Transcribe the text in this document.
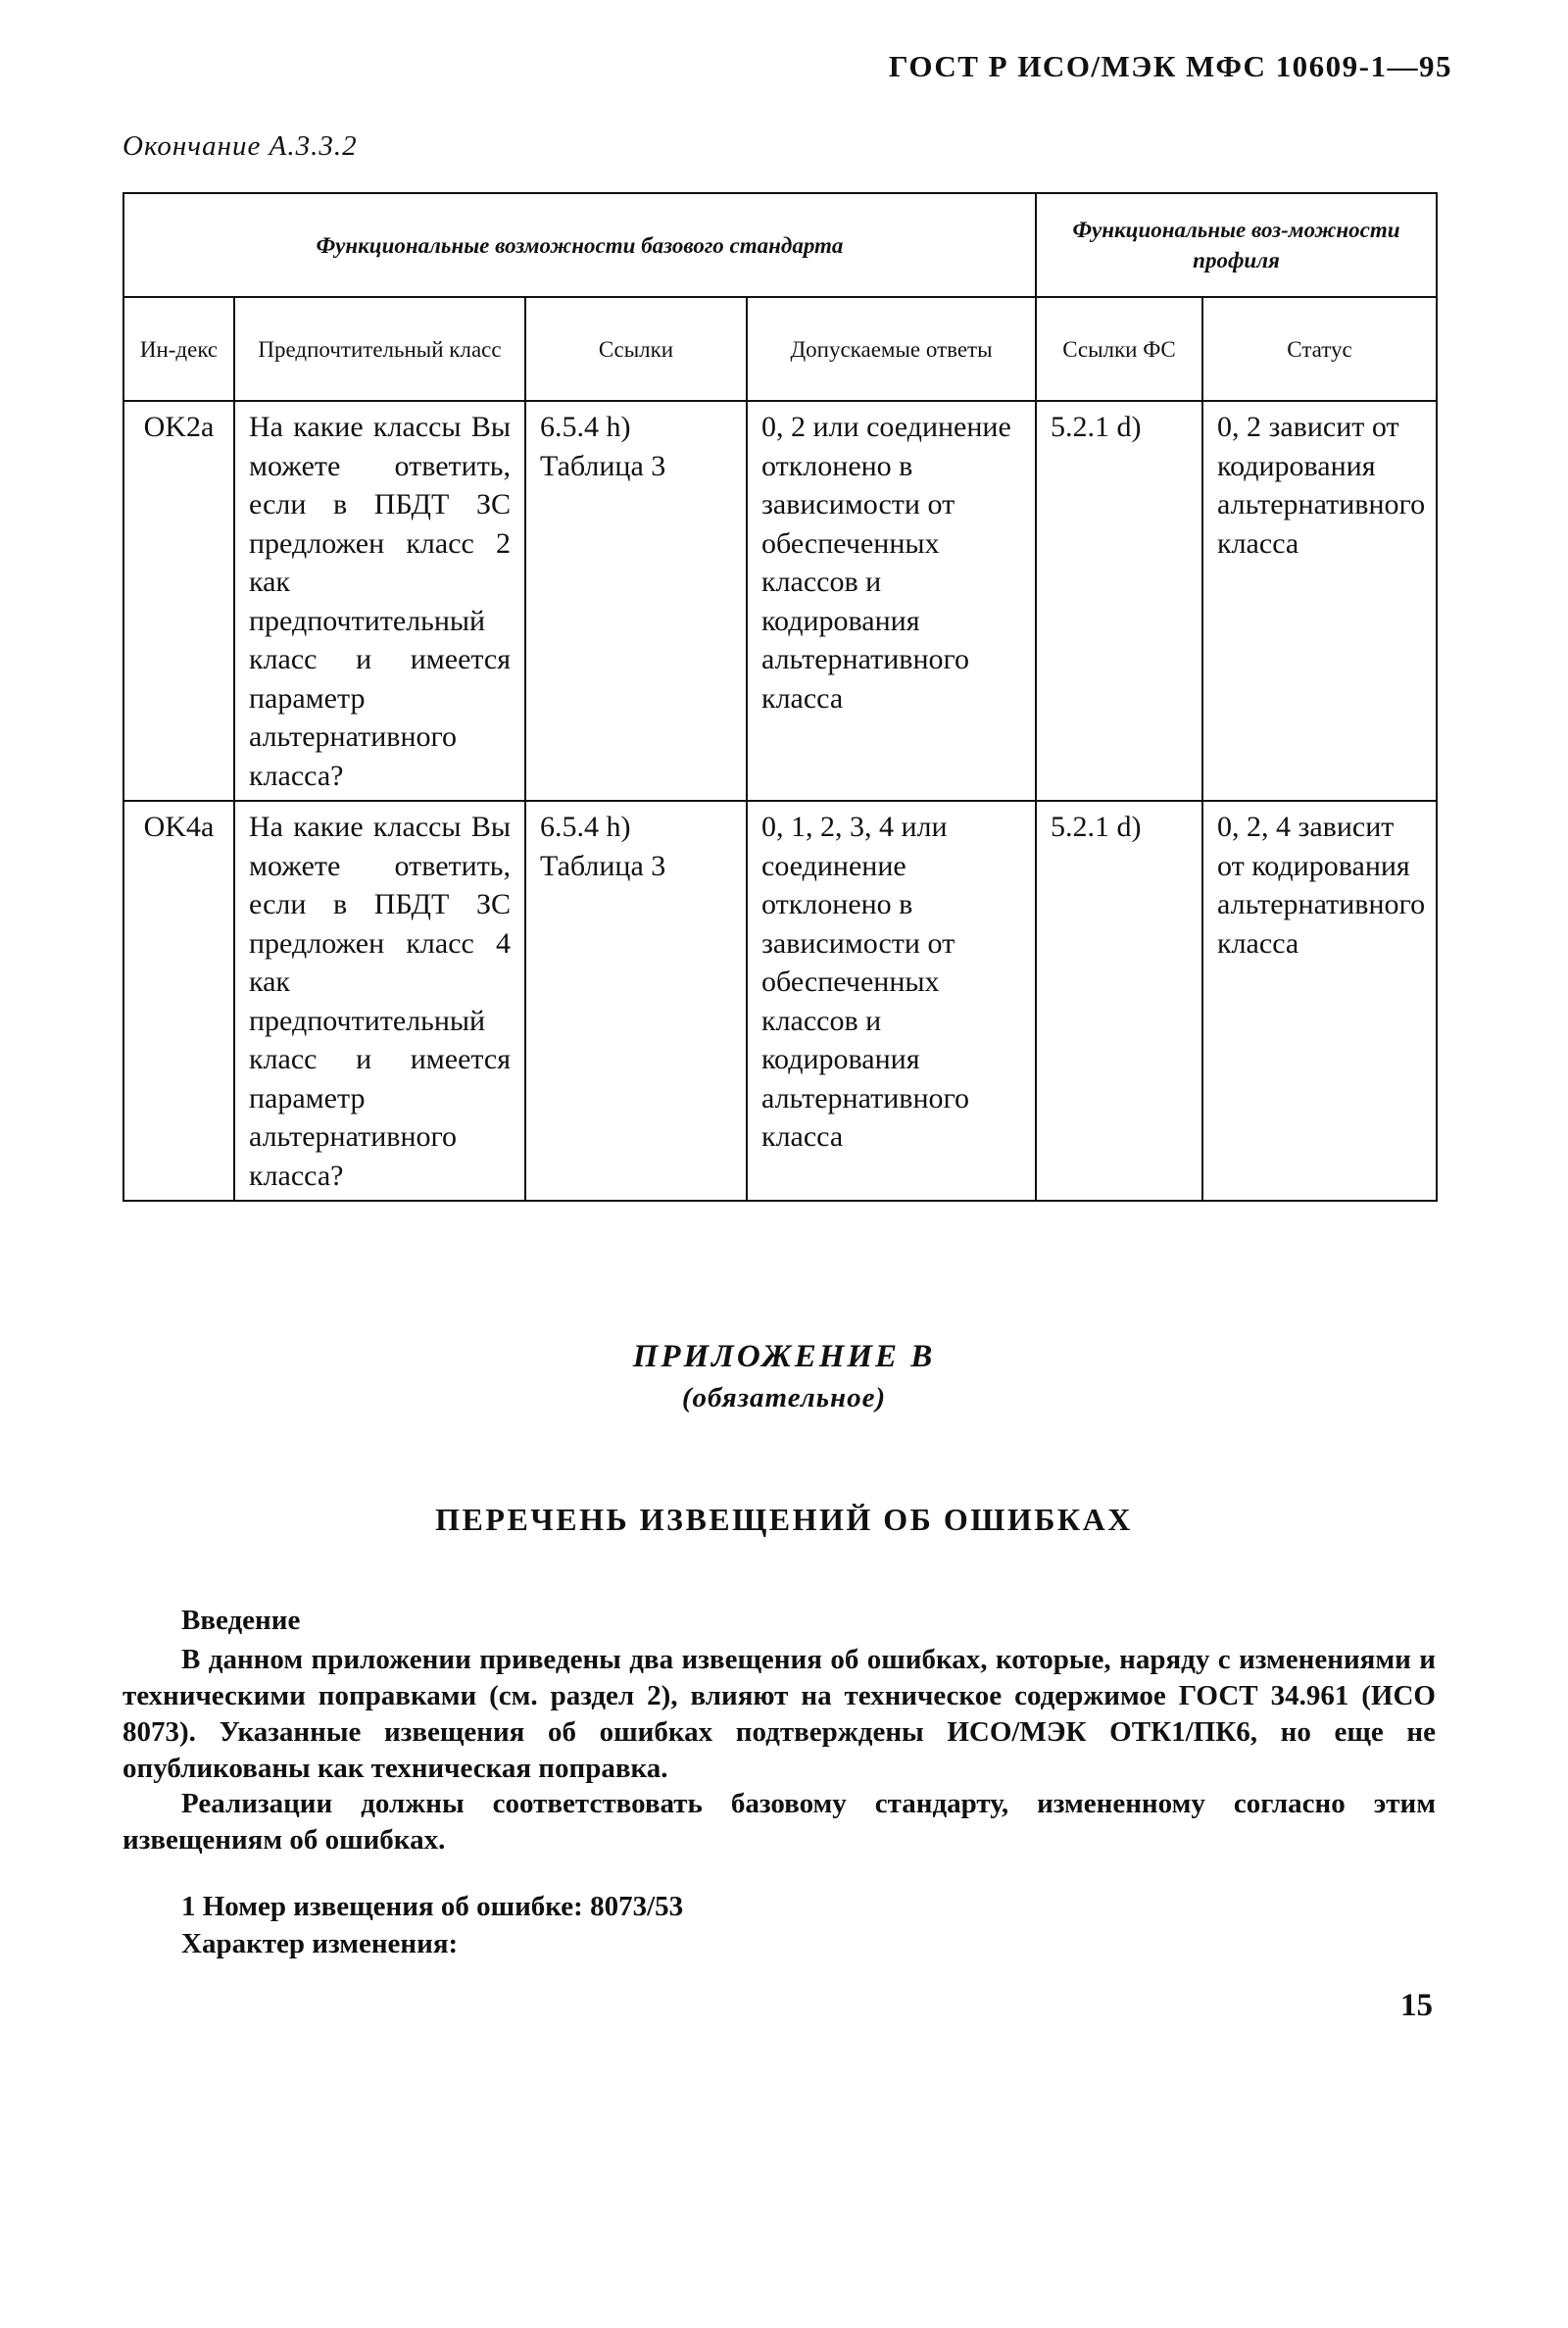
ГОСТ Р ИСО/МЭК МФС 10609-1—95
Окончание А.3.3.2
Функциональные возможности базового стандарта				Функциональные воз-можности профиля	
Ин-декс	Предпочтительный класс	Ссылки	Допускаемые ответы	Ссылки ФС	Статус
OK2a	На какие классы Вы можете ответить, если в ПБДТ ЗС предложен класс 2 как предпочтительный класс и имеется параметр альтернативного класса?	6.5.4 h) Таблица 3	0, 2 или соединение отклонено в зависимости от обеспеченных классов и кодирования альтернативного класса	5.2.1 d)	0, 2 зависит от кодирования альтернативного класса
OK4a	На какие классы Вы можете ответить, если в ПБДТ ЗС предложен класс 4 как предпочтительный класс и имеется параметр альтернативного класса?	6.5.4 h) Таблица 3	0, 1, 2, 3, 4 или соединение отклонено в зависимости от обеспеченных классов и кодирования альтернативного класса	5.2.1 d)	0, 2, 4 зависит от кодирования альтернативного класса
ПРИЛОЖЕНИЕ В
(обязательное)
ПЕРЕЧЕНЬ ИЗВЕЩЕНИЙ ОБ ОШИБКАХ
Введение
В данном приложении приведены два извещения об ошибках, которые, наряду с изменениями и техническими поправками (см. раздел 2), влияют на техническое содержимое ГОСТ 34.961 (ИСО 8073). Указанные извещения об ошибках подтверждены ИСО/МЭК ОТК1/ПК6, но еще не опубликованы как техническая поправка.
Реализации должны соответствовать базовому стандарту, измененному согласно этим извещениям об ошибках.
1 Номер извещения об ошибке: 8073/53
Характер изменения:
15
